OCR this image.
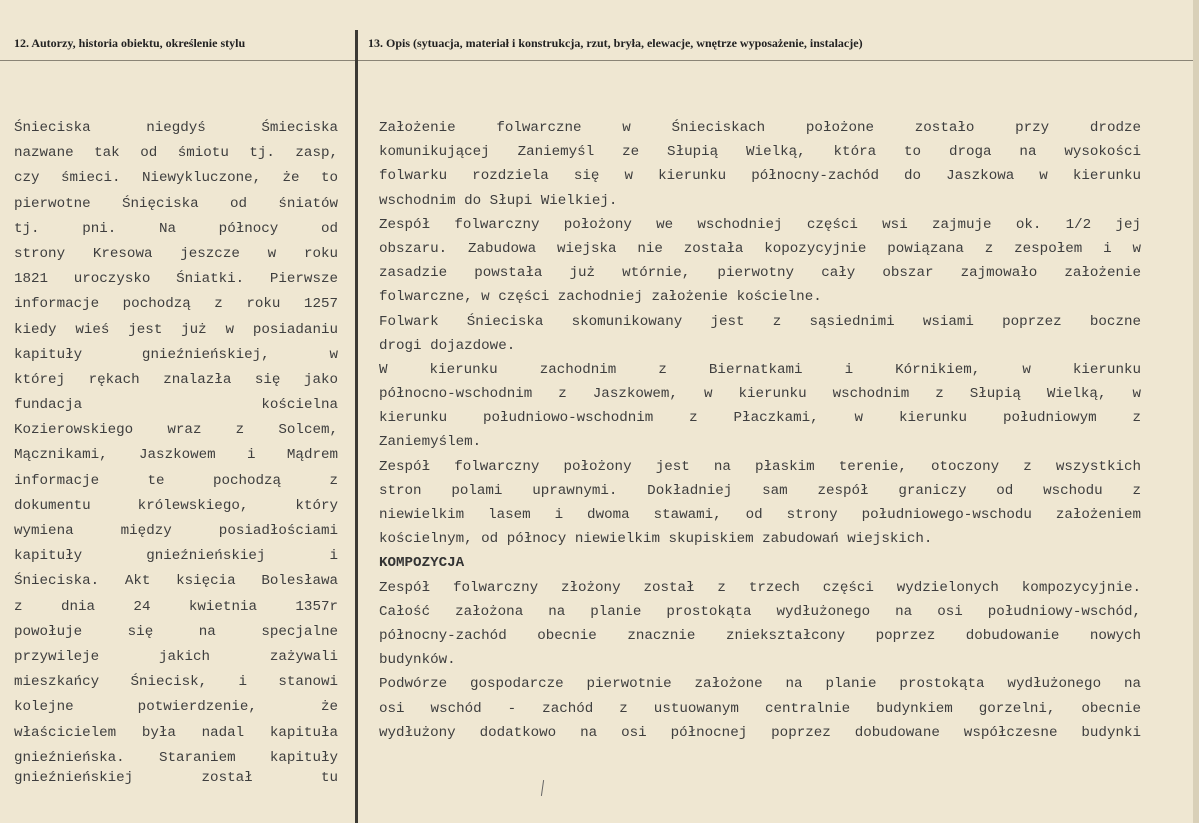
12. Autorzy, historia obiektu, określenie stylu	13. Opis (sytuacja, materiał i konstrukcja, rzut, bryła, elewacje, wnętrze wyposażenie, instalacje)
Śnieciska niegdyś Śmieciska
nazwane tak od śmiotu tj. zasp,
czy śmieci. Niewykluczone, że to
pierwotne Śnięciska od śniatów
tj. pni. Na północy od
strony Kresowa jeszcze w roku
1821 uroczysko Śniatki. Pierwsze
informacje pochodzą z roku 1257
kiedy wieś jest już w posiadaniu
kapituły gnieźnieńskiej, w
której rękach znalazła się jako
fundacja kościelna
Kozierowskiego wraz z Solcem,
Mącznikami, Jaszkowem i Mądrem
informacje te pochodzą z
dokumentu królewskiego, który
wymiena między posiadłościami
kapituły gnieźnieńskiej i
Śnieciska. Akt księcia Bolesława
z dnia 24 kwietnia 1357r
powołuje się na specjalne
przywileje jakich zażywali
mieszkańcy Śniecisk, i stanowi
kolejne potwierdzenie, że
właścicielem była nadal kapituła
gnieźnieńska. Staraniem kapituły
gnieźnieńskiej został tu
Założenie folwarczne w Śnieciskach położone zostało przy drodze
komunikującej Zaniemyśl ze Słupią Wielką, która to droga na wysokości
folwarku rozdziela się w kierunku północny-zachód do Jaszkowa w kierunku
wschodnim do Słupi Wielkiej.
Zespół folwarczny położony we wschodniej części wsi zajmuje ok. 1/2 jej
obszaru. Zabudowa wiejska nie została kopozycyjnie powiązana z zespołem i w
zasadzie powstała już wtórnie, pierwotny cały obszar zajmowało założenie
folwarczne, w części zachodniej założenie kościelne.
Folwark Śnieciska skomunikowany jest z sąsiednimi wsiami poprzez boczne
drogi dojazdowe.
W kierunku zachodnim z Biernatkami i Kórnikiem, w kierunku
północno-wschodnim z Jaszkowem, w kierunku wschodnim z Słupią Wielką, w
kierunku południowo-wschodnim z Płaczkami, w kierunku południowym z
Zaniemyślem.
Zespół folwarczny położony jest na płaskim terenie, otoczony z wszystkich
stron polami uprawnymi. Dokładniej sam zespół graniczy od wschodu z
niewielkim lasem i dwoma stawami, od strony południowego-wschodu założeniem
kościelnym, od północy niewielkim skupiskiem zabudowań wiejskich.
KOMPOZYCJA
Zespół folwarczny złożony został z trzech części wydzielonych kompozycyjnie.
Całość założona na planie prostokąta wydłużonego na osi południowy-wschód,
północny-zachód obecnie znacznie zniekształcony poprzez dobudowanie nowych
budynków.
Podwórze gospodarcze pierwotnie założone na planie prostokąta wydłużonego na
osi wschód - zachód z ustuowanym centralnie budynkiem gorzelni, obecnie
wydłużony dodatkowo na osi północnej poprzez dobudowane współczesne budynki
